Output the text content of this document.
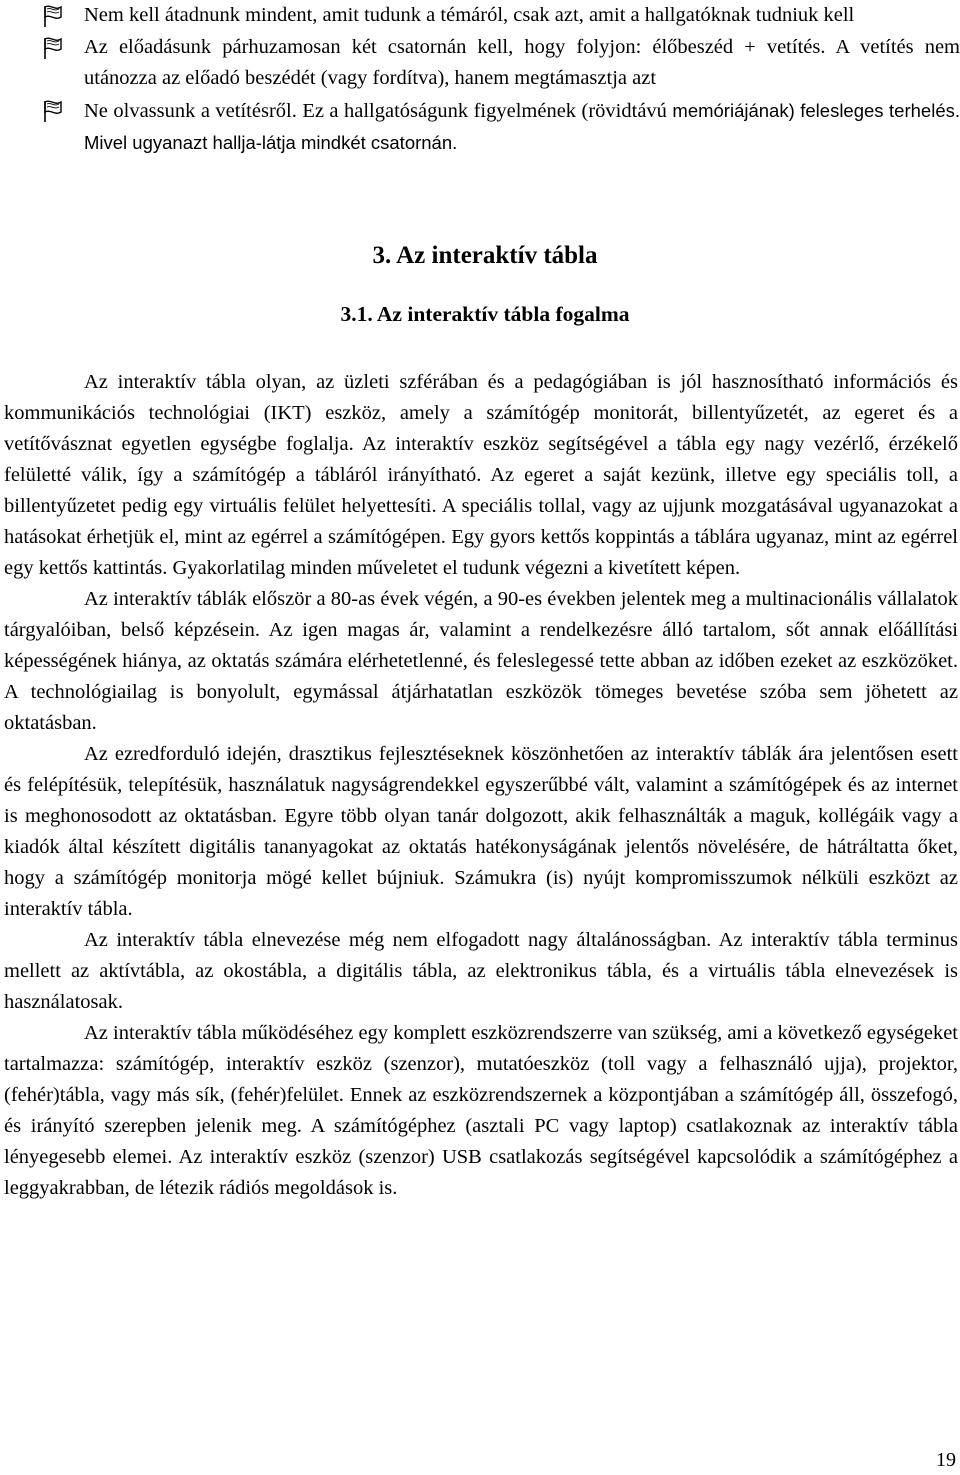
Nem kell átadnunk mindent, amit tudunk a témáról, csak azt, amit a hallgatóknak tudniuk kell
Az előadásunk párhuzamosan két csatornán kell, hogy folyjon: élőbeszéd + vetítés. A vetítés nem utánozza az előadó beszédét (vagy fordítva), hanem megtámasztja azt
Ne olvassunk a vetítésről. Ez a hallgatóságunk figyelmének (rövidtávú memóriájának) felesleges terhelés. Mivel ugyanazt hallja-látja mindkét csatornán.
3. Az interaktív tábla
3.1. Az interaktív tábla fogalma

Az interaktív tábla olyan, az üzleti szférában és a pedagógiában is jól hasznosítható információs és kommunikációs technológiai (IKT) eszköz, amely a számítógép monitorát, billentyűzetét, az egeret és a vetítővásznat egyetlen egységbe foglalja. Az interaktív eszköz segítségével a tábla egy nagy vezérlő, érzékelő felületté válik, így a számítógép a tábláról irányítható. Az egeret a saját kezünk, illetve egy speciális toll, a billentyűzetet pedig egy virtuális felület helyettesíti. A speciális tollal, vagy az ujjunk mozgatásával ugyanazokat a hatásokat érhetjük el, mint az egérrel a számítógépen. Egy gyors kettős koppintás a táblára ugyanaz, mint az egérrel egy kettős kattintás. Gyakorlatilag minden műveletet el tudunk végezni a kivetített képen.

Az interaktív táblák először a 80-as évek végén, a 90-es években jelentek meg a multinacionális vállalatok tárgyalóiban, belső képzésein. Az igen magas ár, valamint a rendelkezésre álló tartalom, sőt annak előállítási képességének hiánya, az oktatás számára elérhetetlenné, és feleslegessé tette abban az időben ezeket az eszközöket. A technológiailag is bonyolult, egymással átjárhatatlan eszközök tömeges bevetése szóba sem jöhetett az oktatásban.

Az ezredforduló idején, drasztikus fejlesztéseknek köszönhetően az interaktív táblák ára jelentősen esett és felépítésük, telepítésük, használatuk nagyságrendekkel egyszerűbbé vált, valamint a számítógépek és az internet is meghonosodott az oktatásban. Egyre több olyan tanár dolgozott, akik felhasználták a maguk, kollégáik vagy a kiadók által készített digitális tananyagokat az oktatás hatékonyságának jelentős növelésére, de hátráltatta őket, hogy a számítógép monitorja mögé kellet bújniuk. Számukra (is) nyújt kompromisszumok nélküli eszközt az interaktív tábla.

Az interaktív tábla elnevezése még nem elfogadott nagy általánosságban. Az interaktív tábla terminus mellett az aktívtábla, az okostábla, a digitális tábla, az elektronikus tábla, és a virtuális tábla elnevezések is használatosak.

Az interaktív tábla működéséhez egy komplett eszközrendszerre van szükség, ami a következő egységeket tartalmazza: számítógép, interaktív eszköz (szenzor), mutatóeszköz (toll vagy a felhasználó ujja), projektor, (fehér)tábla, vagy más sík, (fehér)felület. Ennek az eszközrendszernek a központjában a számítógép áll, összefogó, és irányító szerepben jelenik meg. A számítógéphez (asztali PC vagy laptop) csatlakoznak az interaktív tábla lényegesebb elemei. Az interaktív eszköz (szenzor) USB csatlakozás segítségével kapcsolódik a számítógéphez a leggyakrabban, de létezik rádiós megoldások is.

19
